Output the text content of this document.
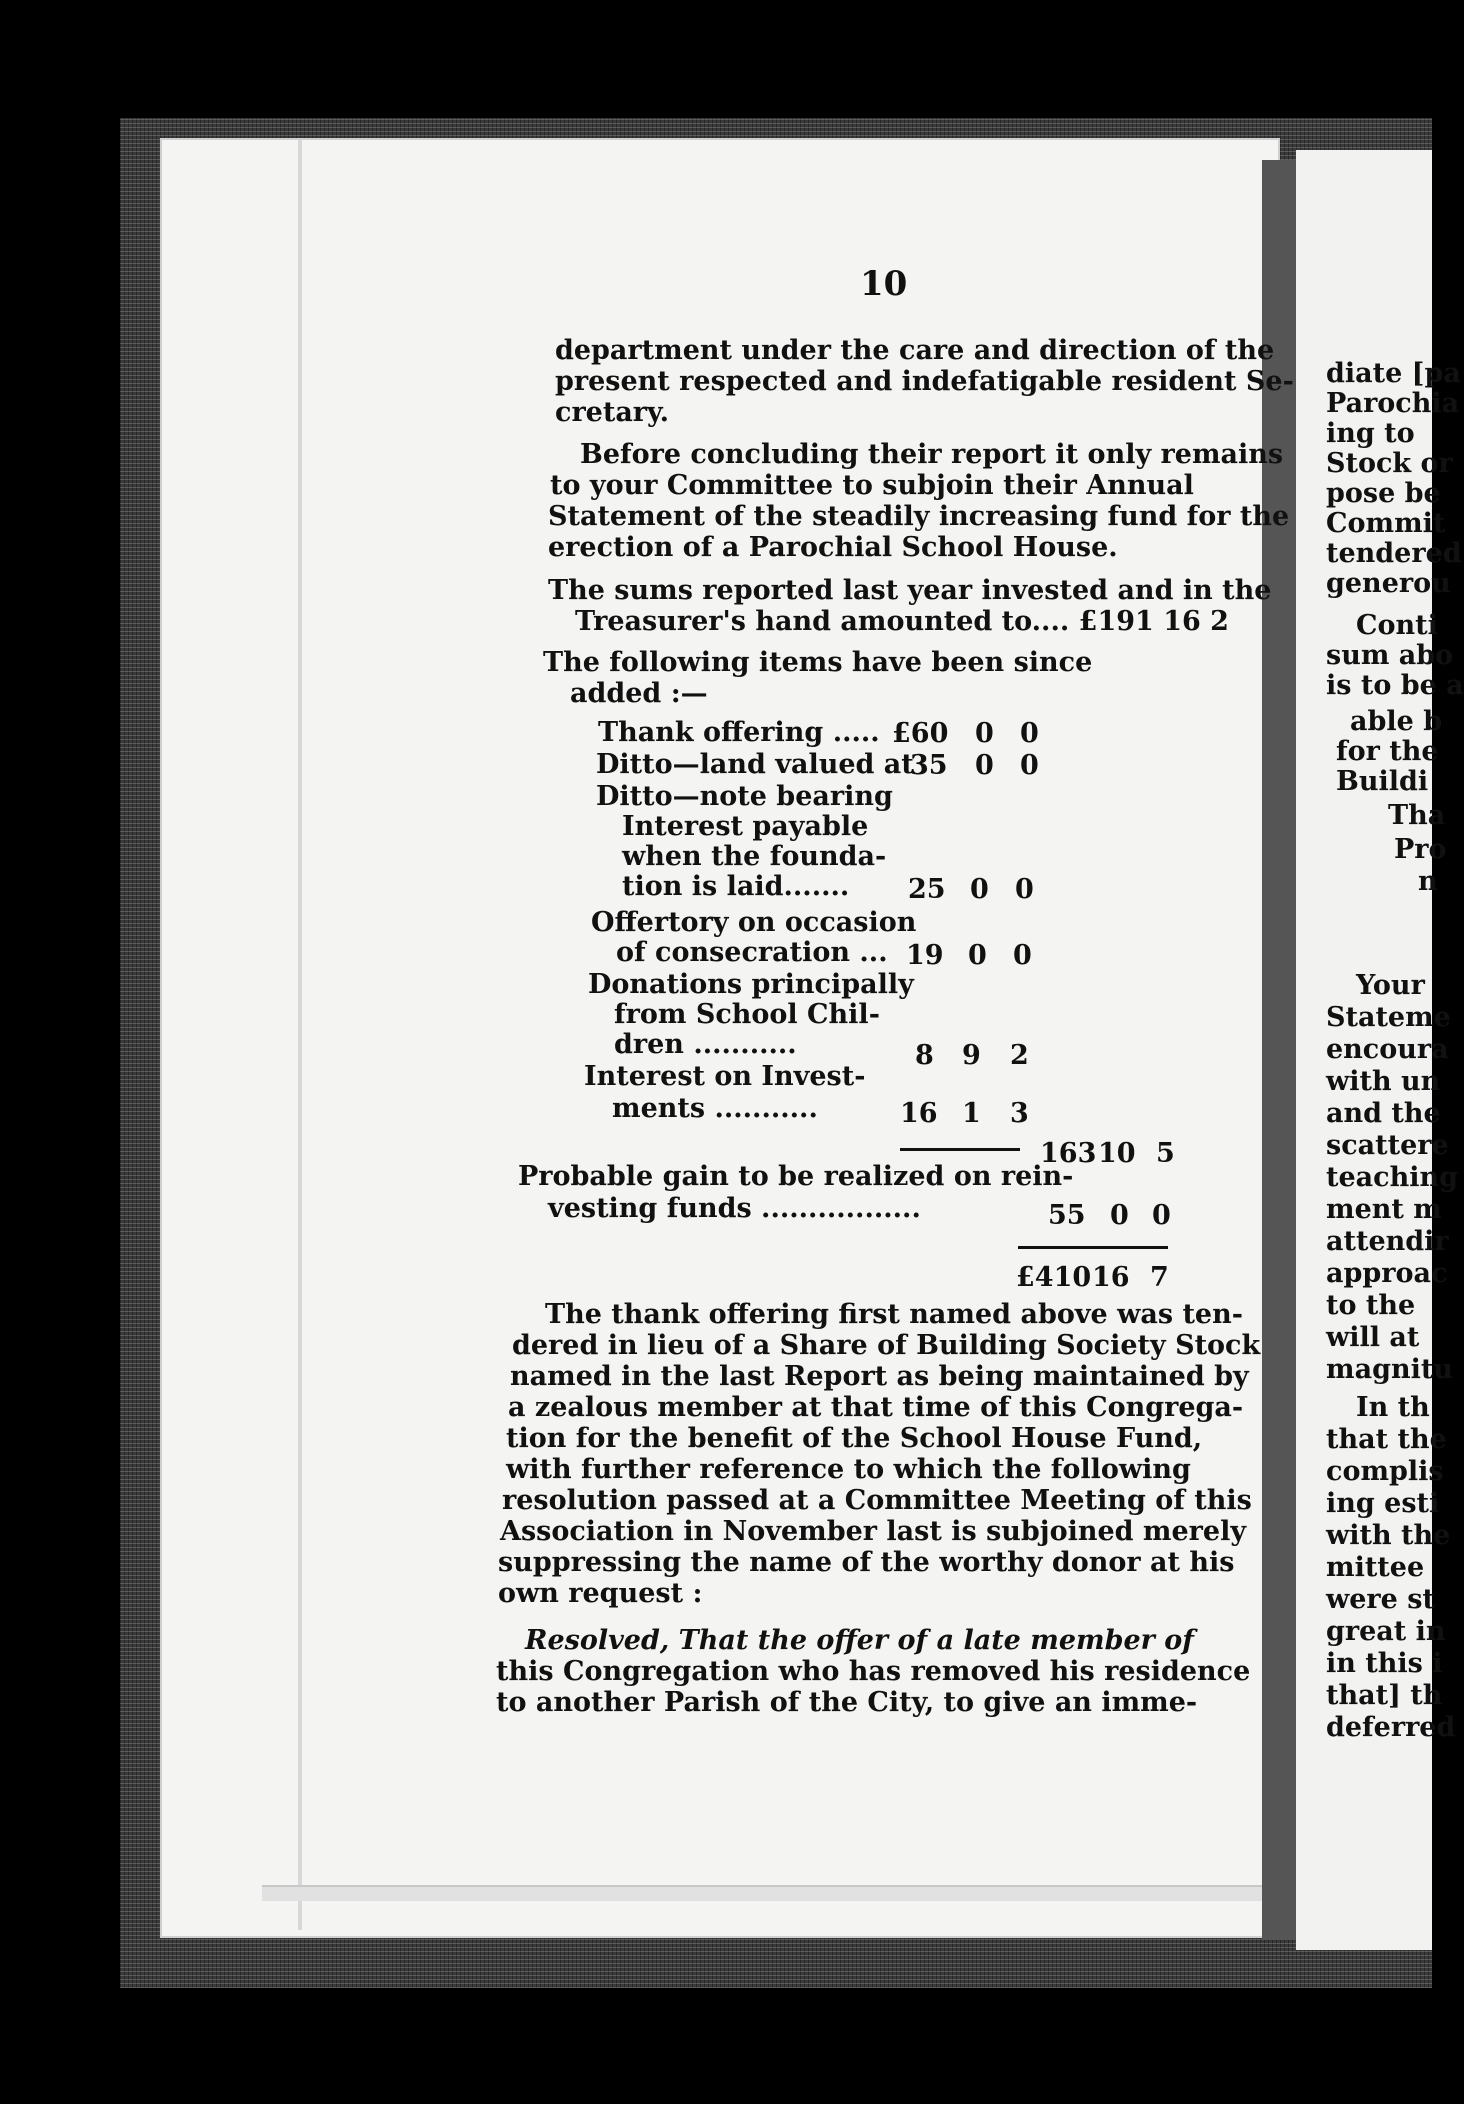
10
department under the care and direction of the
present respected and indefatigable resident Se-
cretary.
Before concluding their report it only remains
to your Committee to subjoin their Annual
Statement of the steadily increasing fund for the
erection of a Parochial School House.
The sums reported last year invested and in the
Treasurer's hand amounted to.... £191 16 2
The following items have been since
added :—
Thank offering ..... £60 0 0
Ditto—land valued at
35 0 0
Ditto—note bearing
Interest payable
when the founda-
tion is laid....... 25 0 0
Offertory on occasion
of consecration ... 19 0 0
Donations principally
from School Chil-
dren ...........	8 9 2
Interest on Invest-
ments ...........	16 1 3
163 10 5
Probable gain to be realized on rein-
vesting funds .................	55 0 0
£410 16 7
The thank offering first named above was ten-
dered in lieu of a Share of Building Society Stock
named in the last Report as being maintained by
a zealous member at that time of this Congrega-
tion for the benefit of the School House Fund,
with further reference to which the following
resolution passed at a Committee Meeting of this
Association in November last is subjoined merely
suppressing the name of the worthy donor at his
own request :
Resolved, That the offer of a late member of
this Congregation who has removed his residence
to another Parish of the City, to give an imme-
diate [pa
Parochia
ing to
Stock or
pose be
Commit
tendered
generou
Conti
sum abo
is to be a
able b
for the
Buildi
Tha
Pro
n
Your
Stateme
encoura
with un
and the
scattere
teaching
ment m
attendir
approac
to the
will at
magnitu
In th
that the
complis
ing esti
with the
mittee
were st
great in
in this i
that] th
deferred
